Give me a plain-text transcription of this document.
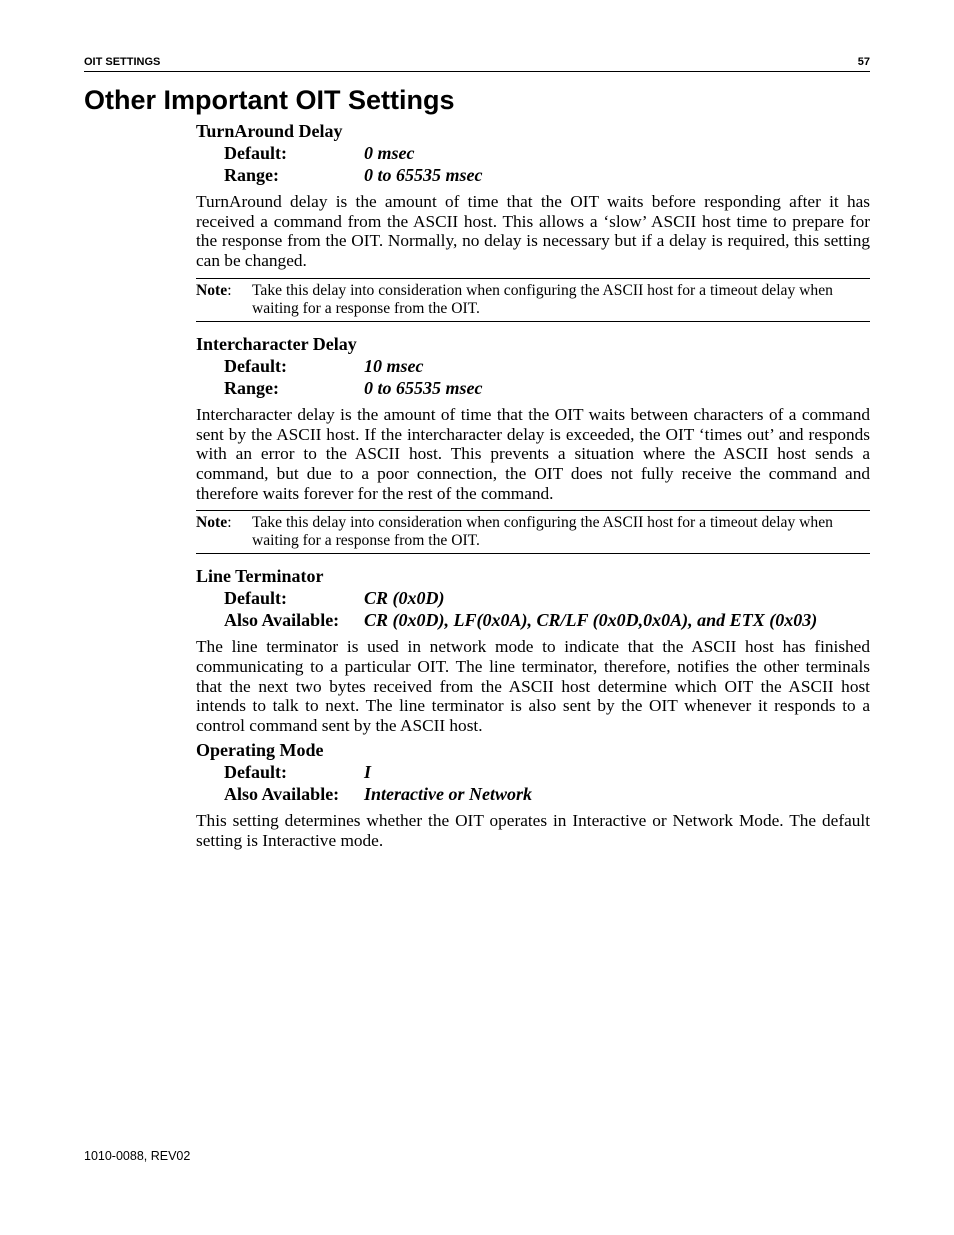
OIT SETTINGS	57
Other Important OIT Settings

TurnAround Delay

Default:	0 msec
Range:	0 to 65535 msec

TurnAround delay is the amount of time that the OIT waits before responding after it has received a command from the ASCII host. This allows a ‘slow’ ASCII host time to prepare for the response from the OIT. Normally, no delay is necessary but if a delay is required, this setting can be changed.

Note: Take this delay into consideration when configuring the ASCII host for a timeout delay when waiting for a response from the OIT.

Intercharacter Delay

Default:	10 msec
Range:	0 to 65535 msec

Intercharacter delay is the amount of time that the OIT waits between characters of a command sent by the ASCII host. If the intercharacter delay is exceeded, the OIT ‘times out’ and responds with an error to the ASCII host. This prevents a situation where the ASCII host sends a command, but due to a poor connection, the OIT does not fully receive the command and therefore waits forever for the rest of the command.

Note: Take this delay into consideration when configuring the ASCII host for a timeout delay when waiting for a response from the OIT.

Line Terminator

Default:	CR (0x0D)
Also Available: CR (0x0D), LF(0x0A), CR/LF (0x0D,0x0A), and ETX (0x03)

The line terminator is used in network mode to indicate that the ASCII host has finished communicating to a particular OIT. The line terminator, therefore, notifies the other terminals that the next two bytes received from the ASCII host determine which OIT the ASCII host intends to talk to next. The line terminator is also sent by the OIT whenever it responds to a control command sent by the ASCII host.

Operating Mode

Default:	I
Also Available: Interactive or Network

This setting determines whether the OIT operates in Interactive or Network Mode. The default setting is Interactive mode.

1010-0088, REV02
